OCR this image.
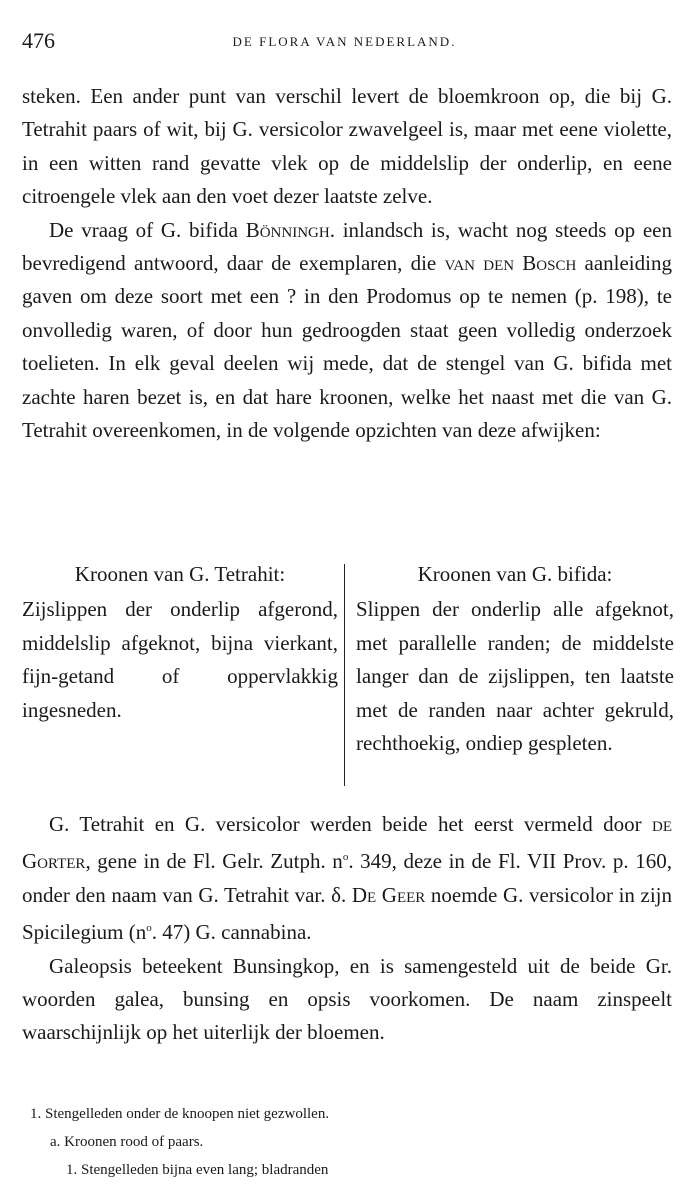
476	DE FLORA VAN NEDERLAND.

steken. Een ander punt van verschil levert de bloemkroon op, die bij G. Tetrahit paars of wit, bij G. versicolor zwavelgeel is, maar met eene violette, in een witten rand gevatte vlek op de middelslip der onderlip, en eene citroengele vlek aan den voet dezer laatste zelve.

De vraag of G. bifida Bönningh. inlandsch is, wacht nog steeds op een bevredigend antwoord, daar de exemplaren, die van den Bosch aanleiding gaven om deze soort met een ? in den Prodomus op te nemen (p. 198), te onvolledig waren, of door hun gedroogden staat geen volledig onderzoek toelieten. In elk geval deelen wij mede, dat de stengel van G. bifida met zachte haren bezet is, en dat hare kroonen, welke het naast met die van G. Tetrahit overeenkomen, in de volgende opzichten van deze afwijken:

Kroonen van G. Tetrahit:
Zijslippen der onderlip afgerond, middelslip afgeknot, bijna vierkant, fijn-getand of oppervlakkig ingesneden.
Kroonen van G. bifida:
Slippen der onderlip alle afgeknot, met parallelle randen; de middelste langer dan de zijslippen, ten laatste met de randen naar achter gekruld, rechthoekig, ondiep gespleten.

G. Tetrahit en G. versicolor werden beide het eerst vermeld door de Gorter, gene in de Fl. Gelr. Zutph. $n^o$. 349, deze in de Fl. VII Prov. p. 160, onder den naam van G. Tetrahit var. δ. De Geer noemde G. versicolor in zijn Spicilegium ($n^o$. 47) G. cannabina.

Galeopsis beteekent Bunsingkop, en is samengesteld uit de beide Gr. woorden galea, bunsing en opsis voorkomen. De naam zinspeelt waarschijnlijk op het uiterlijk der bloemen.

1. Stengelleden onder de knoopen niet gezwollen.
a. Kroonen rood of paars.
1. Stengelleden bijna even lang; bladranden
